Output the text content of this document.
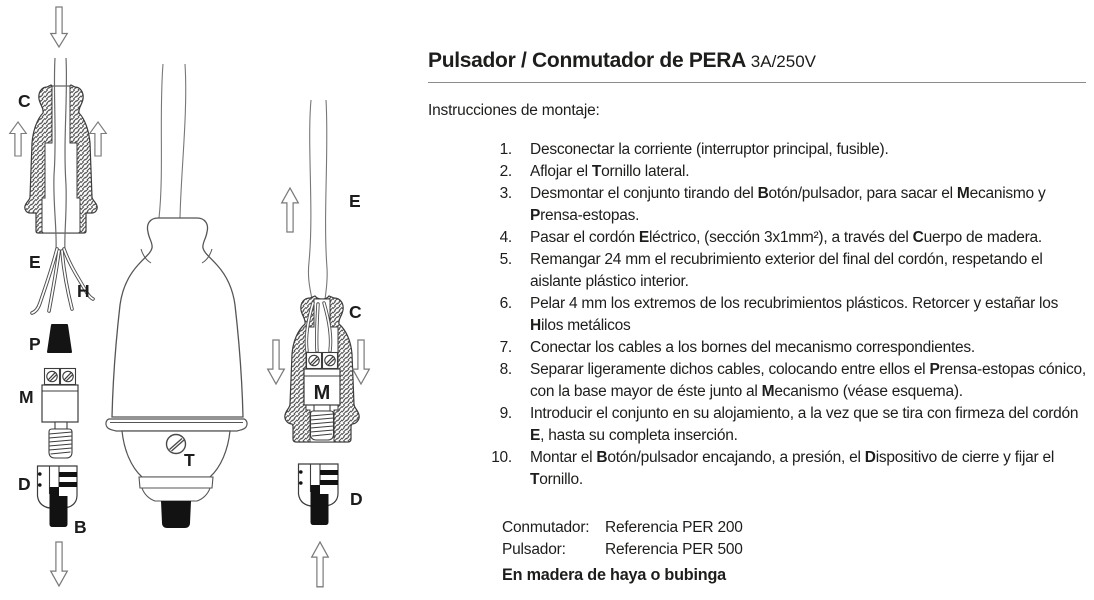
C
E
H
P
M
D
B
T
M
E
C
D
Pulsador / Conmutador de PERA 3A/250V

Instrucciones de montaje:

1.	Desconectar la corriente (interruptor principal, fusible).
2.	Aflojar el Tornillo lateral.
3.	Desmontar el conjunto tirando del Botón/pulsador, para sacar el Mecanismo y Prensa-estopas.
4.	Pasar el cordón Eléctrico, (sección 3x1mm²), a través del Cuerpo de madera.
5.	Remangar 24 mm el recubrimiento exterior del final del cordón, respetando el aislante plástico interior.
6.	Pelar 4 mm los extremos de los recubrimientos plásticos. Retorcer y estañar los Hilos metálicos
7.	Conectar los cables a los bornes del mecanismo correspondientes.
8.	Separar ligeramente dichos cables, colocando entre ellos el Prensa-estopas cónico, con la base mayor de éste junto al Mecanismo (véase esquema).
9.	Introducir el conjunto en su alojamiento, a la vez que se tira con firmeza del cordón E, hasta su completa inserción.
10.	Montar el Botón/pulsador encajando, a presión, el Dispositivo de cierre y fijar el Tornillo.
Conmutador:	Referencia PER 200
Pulsador:	Referencia PER 500

En madera de haya o bubinga
